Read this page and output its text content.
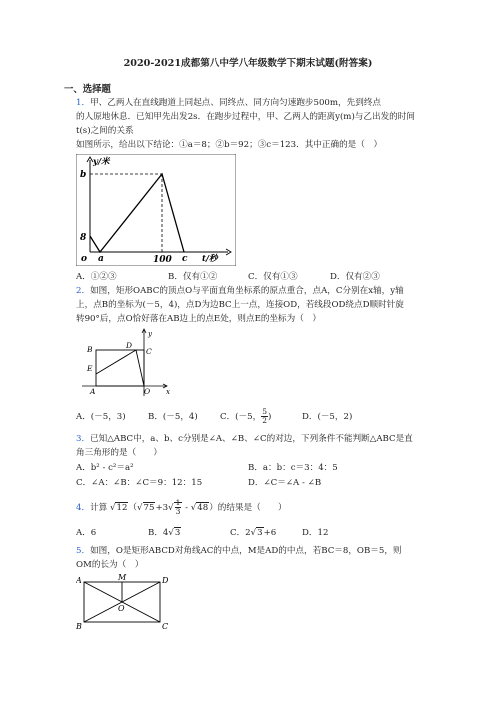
2020-2021成都第八中学八年级数学下期末试题(附答案)
一、选择题
1．甲、乙两人在直线跑道上同起点、同终点、同方向匀速跑步500m，先到终点
的人原地休息．已知甲先出发2s．在跑步过程中，甲、乙两人的距离y(m)与乙出发的时间
t(s)之间的关系
如图所示，给出以下结论：①a＝8；②b＝92；③c＝123．其中正确的是（　）
y/米
b
8
o a	100 c t/秒
A．①②③	B．仅有①②	C．仅有①③	D．仅有②③
2．如图，矩形OABC的顶点O与平面直角坐标系的原点重合，点A，C分别在x轴，y轴
上，点B的坐标为(－5，4)，点D为边BC上一点，连接OD，若线段OD绕点D顺时针旋
转90°后，点O恰好落在AB边上的点E处，则点E的坐标为（　）
y
x
B	D
C
E
A	O
A．(－5，3)	B．(－5，4)	C．(－5， $\frac{5}{2}$ )	D．(－5，2)
3．已知△ABC中，a、b、c分别是∠A、∠B、∠C的对边，下列条件不能判断△ABC是直
角三角形的是（　　）
A．b² - c²＝a²	B．a：b：c＝3：4：5
C．∠A：∠B：∠C＝9：12：15	D．∠C＝∠A - ∠B
4．计算 $√12(√75+3√ \frac{1}{3} - √48)$的结果是（　　）
A．6	B．4√3	C．2√3+6	D．12
5．如图，O是矩形ABCD对角线AC的中点，M是AD的中点，若BC＝8，OB＝5，则
OM的长为（　）
A	M	D
O
B	C
